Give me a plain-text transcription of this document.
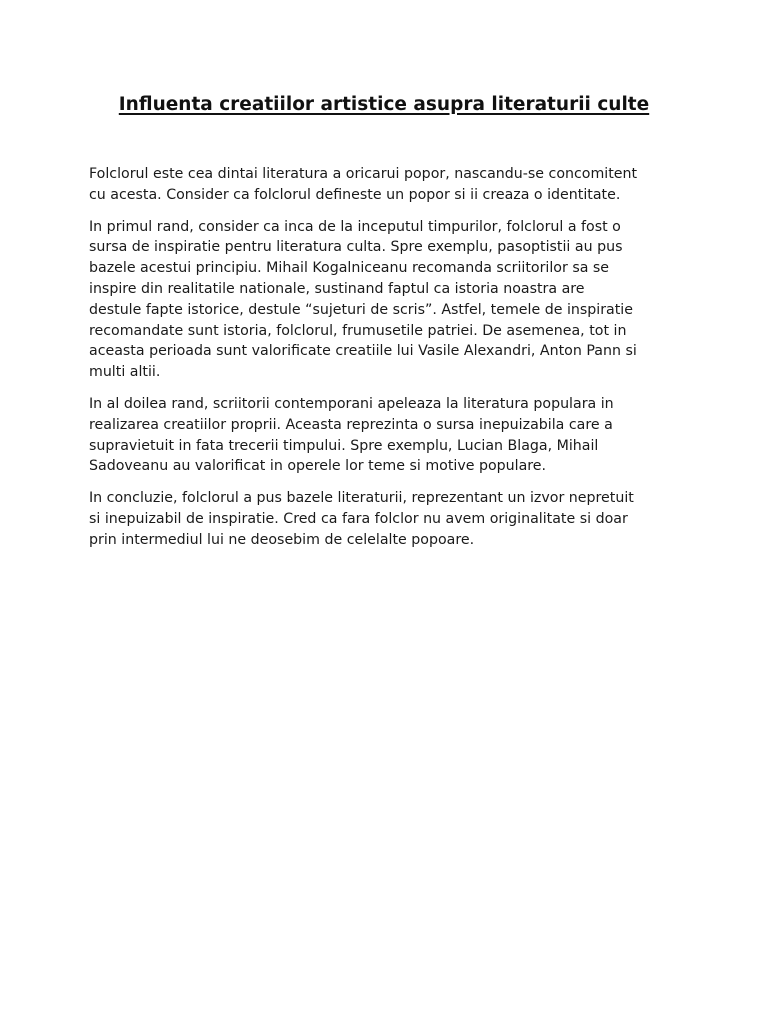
Influenta creatiilor artistice asupra literaturii culte

Folclorul este cea dintai literatura a oricarui popor, nascandu-se concomitent
cu acesta. Consider ca folclorul defineste un popor si ii creaza o identitate.

In primul rand, consider ca inca de la inceputul timpurilor, folclorul a fost o
sursa de inspiratie pentru literatura culta. Spre exemplu, pasoptistii au pus
bazele acestui principiu. Mihail Kogalniceanu recomanda scriitorilor sa se
inspire din realitatile nationale, sustinand faptul ca istoria noastra are
destule fapte istorice, destule “sujeturi de scris”. Astfel, temele de inspiratie
recomandate sunt istoria, folclorul, frumusetile patriei. De asemenea, tot in
aceasta perioada sunt valorificate creatiile lui Vasile Alexandri, Anton Pann si
multi altii.

In al doilea rand, scriitorii contemporani apeleaza la literatura populara in
realizarea creatiilor proprii. Aceasta reprezinta o sursa inepuizabila care a
supravietuit in fata trecerii timpului. Spre exemplu, Lucian Blaga, Mihail
Sadoveanu au valorificat in operele lor teme si motive populare.

In concluzie, folclorul a pus bazele literaturii, reprezentant un izvor nepretuit
si inepuizabil de inspiratie. Cred ca fara folclor nu avem originalitate si doar
prin intermediul lui ne deosebim de celelalte popoare.
